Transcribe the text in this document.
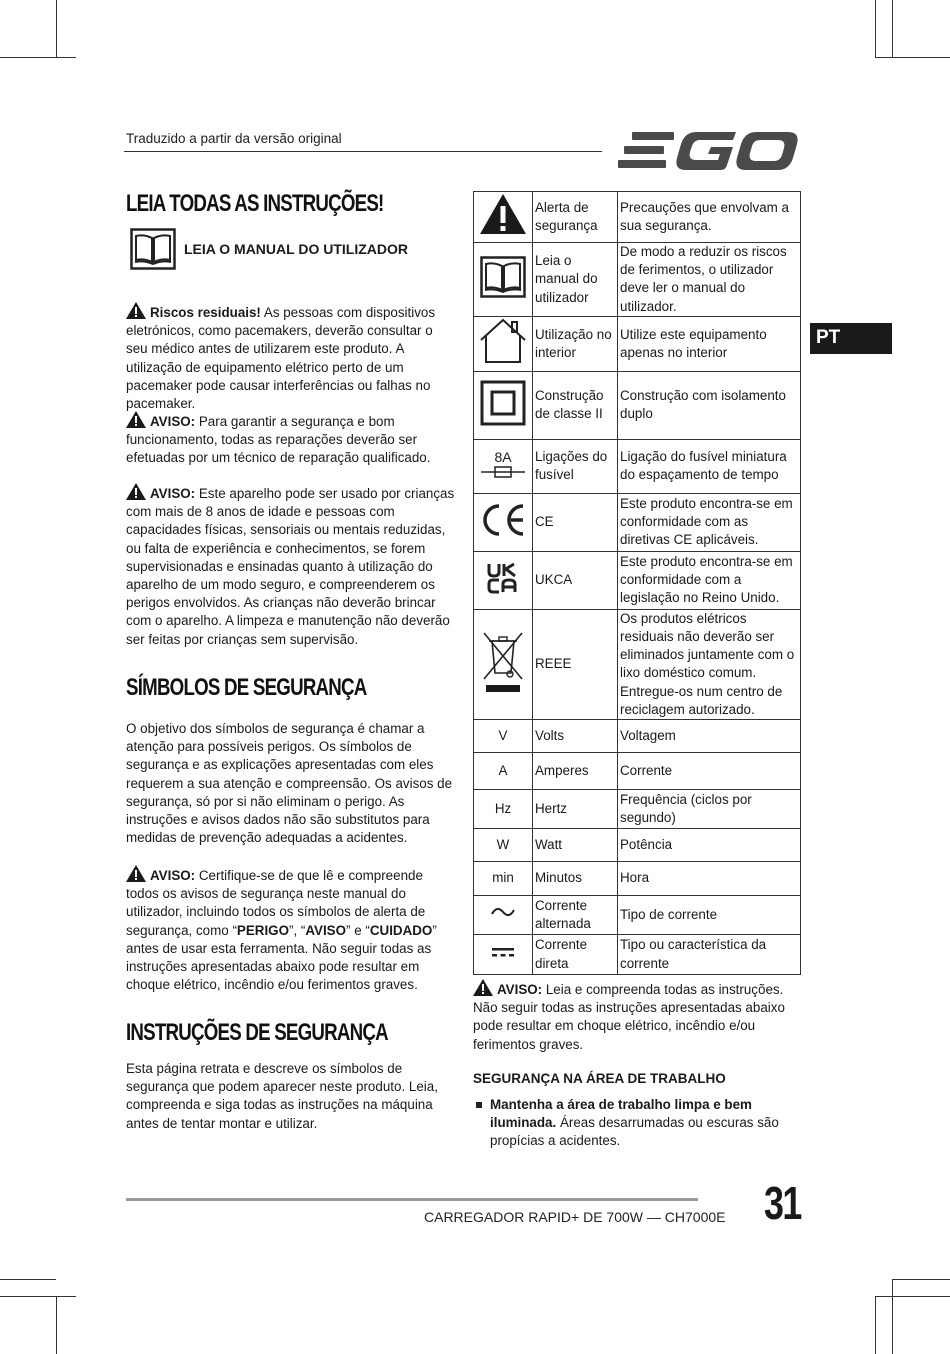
Traduzido a partir da versão original
PT
LEIA TODAS AS INSTRUÇÕES!
LEIA O MANUAL DO UTILIZADOR
Riscos residuais! As pessoas com dispositivos eletrónicos, como pacemakers, deverão consultar o seu médico antes de utilizarem este produto. A utilização de equipamento elétrico perto de um pacemaker pode causar interferências ou falhas no pacemaker.
AVISO: Para garantir a segurança e bom funcionamento, todas as reparações deverão ser efetuadas por um técnico de reparação qualificado.
AVISO: Este aparelho pode ser usado por crianças com mais de 8 anos de idade e pessoas com capacidades físicas, sensoriais ou mentais reduzidas, ou falta de experiência e conhecimentos, se forem supervisionadas e ensinadas quanto à utilização do aparelho de um modo seguro, e compreenderem os perigos envolvidos. As crianças não deverão brincar com o aparelho. A limpeza e manutenção não deverão ser feitas por crianças sem supervisão.
SÍMBOLOS DE SEGURANÇA
O objetivo dos símbolos de segurança é chamar a atenção para possíveis perigos. Os símbolos de segurança e as explicações apresentadas com eles requerem a sua atenção e compreensão. Os avisos de segurança, só por si não eliminam o perigo. As instruções e avisos dados não são substitutos para medidas de prevenção adequadas a acidentes.
AVISO: Certifique-se de que lê e compreende todos os avisos de segurança neste manual do utilizador, incluindo todos os símbolos de alerta de segurança, como “PERIGO”, “AVISO” e “CUIDADO” antes de usar esta ferramenta. Não seguir todas as instruções apresentadas abaixo pode resultar em choque elétrico, incêndio e/ou ferimentos graves.
INSTRUÇÕES DE SEGURANÇA
Esta página retrata e descreve os símbolos de segurança que podem aparecer neste produto. Leia, compreenda e siga todas as instruções na máquina antes de tentar montar e utilizar.
	Alerta de segurança	Precauções que envolvam a sua segurança.
	Leia o manual do utilizador	De modo a reduzir os riscos de ferimentos, o utilizador deve ler o manual do utilizador.
	Utilização no interior	Utilize este equipamento apenas no interior
	Construção de classe II	Construção com isolamento duplo

8A	Ligações do fusível	Ligação do fusível miniatura do espaçamento de tempo
	CE	Este produto encontra-se em conformidade com as diretivas CE aplicáveis.
	UKCA	Este produto encontra-se em conformidade com a legislação no Reino Unido.
	REEE	Os produtos elétricos residuais não deverão ser eliminados juntamente com o lixo doméstico comum. Entregue-os num centro de reciclagem autorizado.
V	Volts	Voltagem
A	Amperes	Corrente
Hz	Hertz	Frequência (ciclos por segundo)
W	Watt	Potência
min	Minutos	Hora
	Corrente alternada	Tipo de corrente
	Corrente direta	Tipo ou característica da corrente
AVISO: Leia e compreenda todas as instruções. Não seguir todas as instruções apresentadas abaixo pode resultar em choque elétrico, incêndio e/ou ferimentos graves.
SEGURANÇA NA ÁREA DE TRABALHO
Mantenha a área de trabalho limpa e bem iluminada. Áreas desarrumadas ou escuras são propícias a acidentes.
CARREGADOR RAPID+ DE 700W — CH7000E 31
